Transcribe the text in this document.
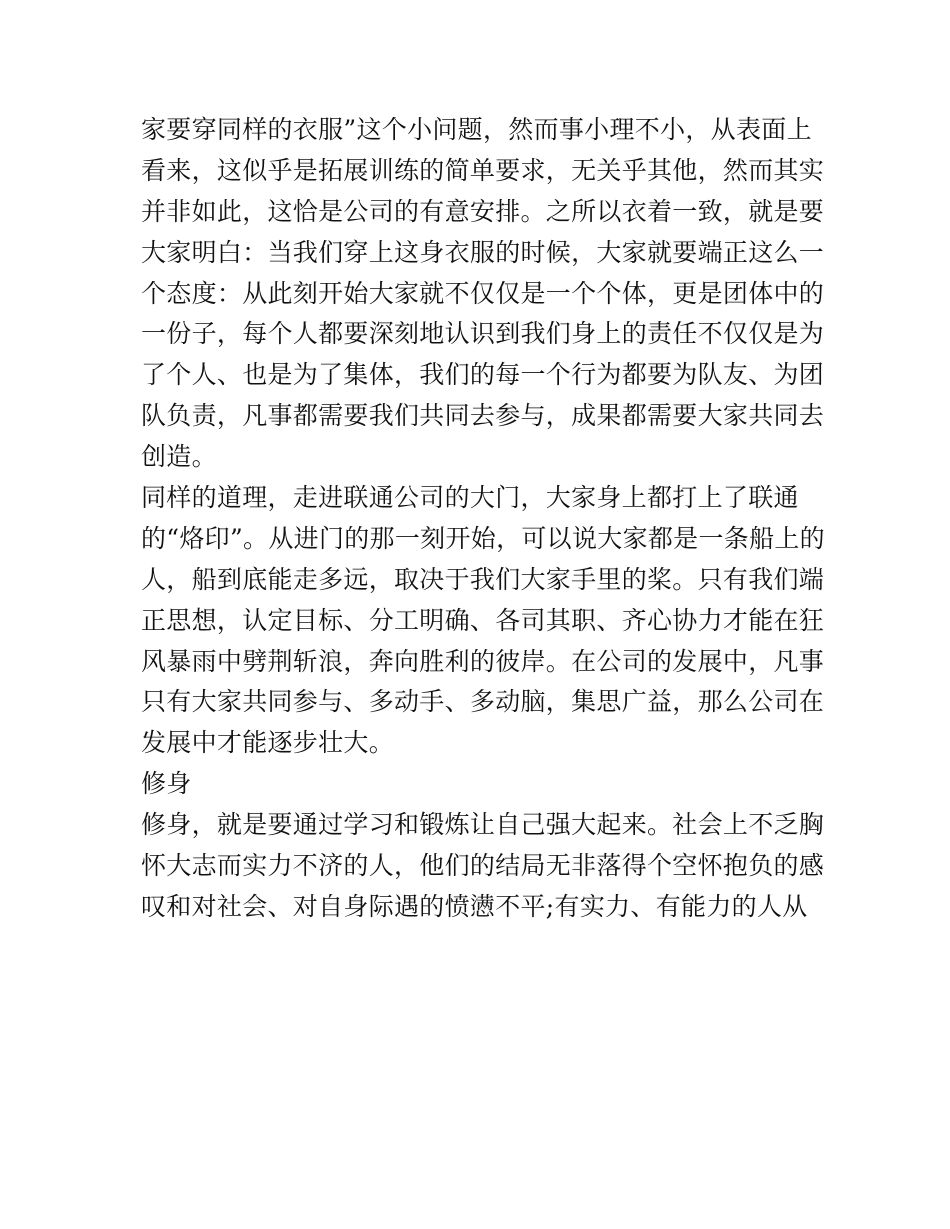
家要穿同样的衣服”这个小问题，然而事小理不小，从表面上
看来，这似乎是拓展训练的简单要求，无关乎其他，然而其实
并非如此，这恰是公司的有意安排。之所以衣着一致，就是要
大家明白：当我们穿上这身衣服的时候，大家就要端正这么一
个态度：从此刻开始大家就不仅仅是一个个体，更是团体中的
一份子，每个人都要深刻地认识到我们身上的责任不仅仅是为
了个人、也是为了集体，我们的每一个行为都要为队友、为团
队负责，凡事都需要我们共同去参与，成果都需要大家共同去
创造。
同样的道理，走进联通公司的大门，大家身上都打上了联通
的“烙印”。从进门的那一刻开始，可以说大家都是一条船上的
人，船到底能走多远，取决于我们大家手里的桨。只有我们端
正思想，认定目标、分工明确、各司其职、齐心协力才能在狂
风暴雨中劈荆斩浪，奔向胜利的彼岸。在公司的发展中，凡事
只有大家共同参与、多动手、多动脑，集思广益，那么公司在
发展中才能逐步壮大。
修身
修身，就是要通过学习和锻炼让自己强大起来。社会上不乏胸
怀大志而实力不济的人，他们的结局无非落得个空怀抱负的感
叹和对社会、对自身际遇的愤懑不平;有实力、有能力的人从
